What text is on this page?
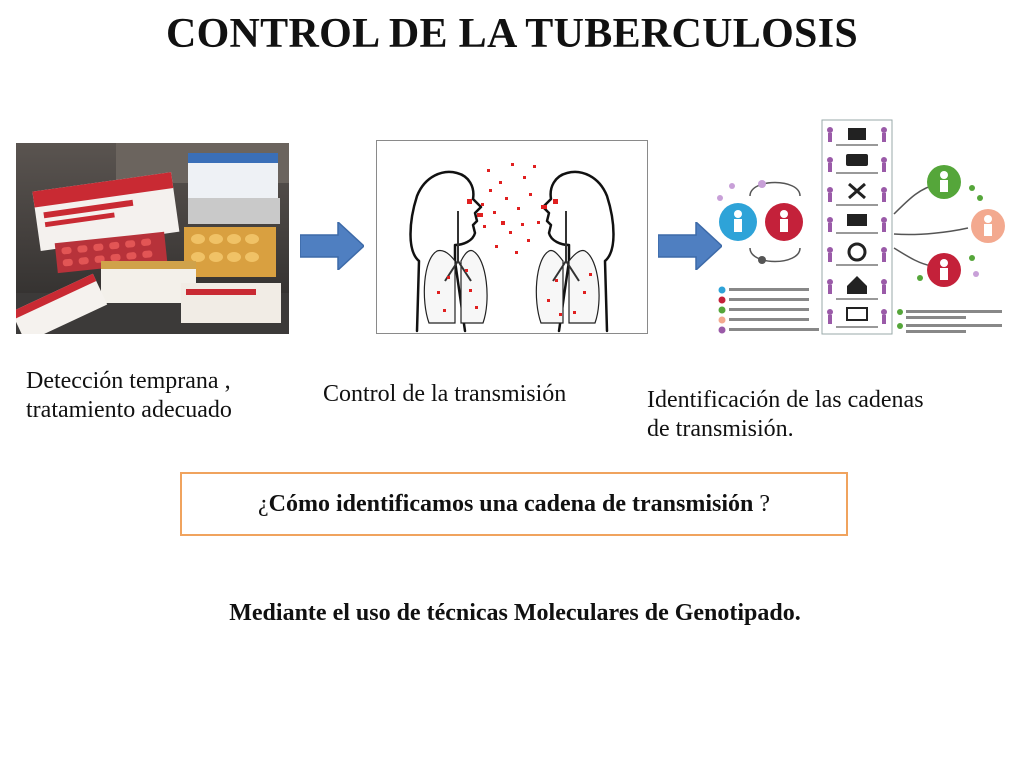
CONTROL DE LA TUBERCULOSIS
Detección temprana ,
tratamiento adecuado
Control de la transmisión	Identificación de las cadenas
de transmisión.
¿Cómo identificamos una cadena de transmisión ?
Mediante el uso de técnicas Moleculares de Genotipado.
